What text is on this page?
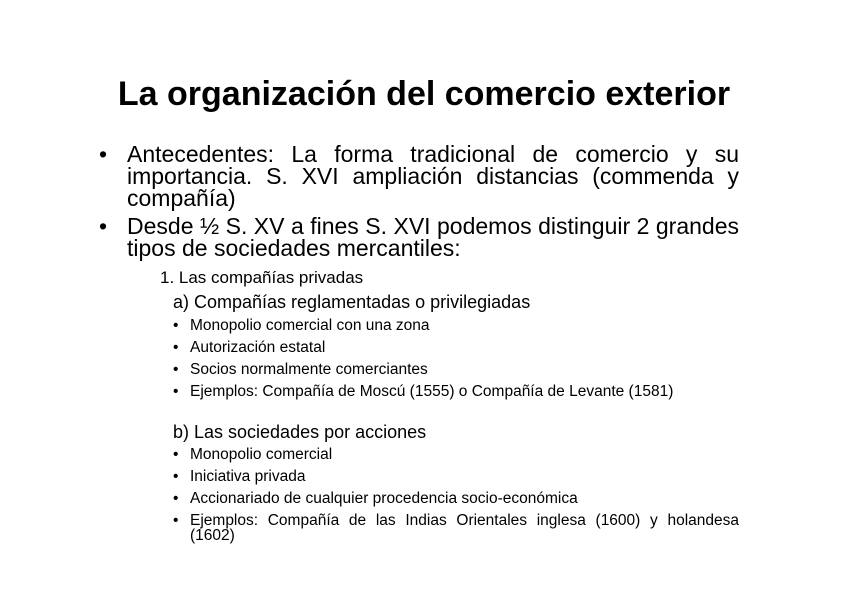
La organización del comercio exterior
• Antecedentes: La forma tradicional de comercio y su importancia. S. XVI ampliación distancias (commenda y compañía)
• Desde ½ S. XV a fines S. XVI podemos distinguir 2 grandes tipos de sociedades mercantiles:
1. Las compañías privadas
a) Compañías reglamentadas o privilegiadas
• Monopolio comercial con una zona
• Autorización estatal
• Socios normalmente comerciantes
• Ejemplos: Compañía de Moscú (1555) o Compañía de Levante (1581)
b) Las sociedades por acciones
• Monopolio comercial
• Iniciativa privada
• Accionariado de cualquier procedencia socio-económica
• Ejemplos: Compañía de las Indias Orientales inglesa (1600) y holandesa (1602)
